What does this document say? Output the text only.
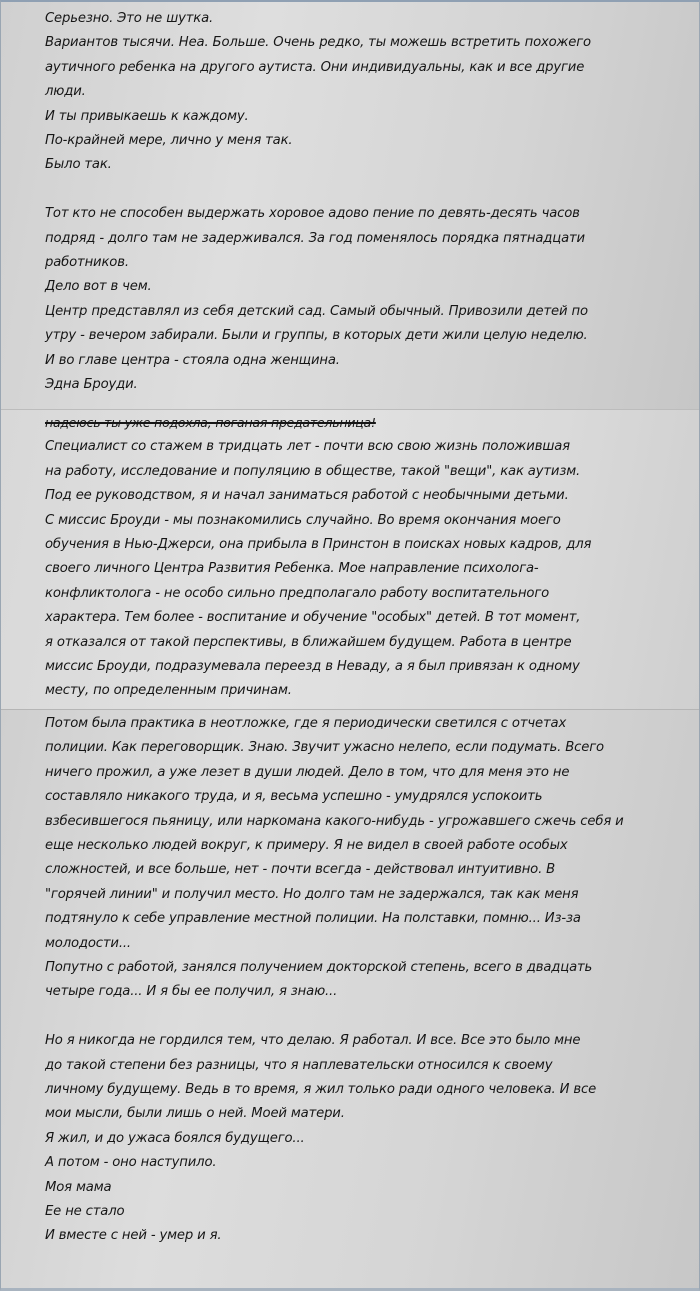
Серьезно. Это не шутка.
Вариантов тысячи. Неа. Больше. Очень редко, ты можешь встретить похожего
аутичного ребенка на другого аутиста. Они индивидуальны, как и все другие
люди.
И ты привыкаешь к каждому.
По-крайней мере, лично у меня так.
Было так.
Тот кто не способен выдержать хоровое адово пение по девять-десять часов
подряд - долго там не задерживался. За год поменялось порядка пятнадцати
работников.
Дело вот в чем.
Центр представлял из себя детский сад. Самый обычный. Привозили детей по
утру - вечером забирали. Были и группы, в которых дети жили целую неделю.
И во главе центра - стояла одна женщина.
Эдна Броуди.
надеюсь ты уже подохла, поганая предательница!
Специалист со стажем в тридцать лет - почти всю свою жизнь положившая
на работу, исследование и популяцию в обществе, такой "вещи", как аутизм.
Под ее руководством, я и начал заниматься работой с необычными детьми.
С миссис Броуди - мы познакомились случайно. Во время окончания моего
обучения в Нью-Джерси, она прибыла в Принстон в поисках новых кадров, для
своего личного Центра Развития Ребенка. Мое направление психолога-
конфликтолога - не особо сильно предполагало работу воспитательного
характера. Тем более - воспитание и обучение "особых" детей. В тот момент,
я отказался от такой перспективы, в ближайшем будущем. Работа в центре
миссис Броуди, подразумевала переезд в Неваду, а я был привязан к одному
месту, по определенным причинам.
Потом была практика в неотложке, где я периодически светился с отчетах
полиции. Как переговорщик. Знаю. Звучит ужасно нелепо, если подумать. Всего
ничего прожил, а уже лезет в души людей. Дело в том, что для меня это не
составляло никакого труда, и я, весьма успешно - умудрялся успокоить
взбесившегося пьяницу, или наркомана какого-нибудь - угрожавшего сжечь себя и
еще несколько людей вокруг, к примеру. Я не видел в своей работе особых
сложностей, и все больше, нет - почти всегда - действовал интуитивно. В
"горячей линии" и получил место. Но долго там не задержался, так как меня
подтянуло к себе управление местной полиции. На полставки, помню... Из-за
молодости...
Попутно с работой, занялся получением докторской степень, всего в двадцать
четыре года... И я бы ее получил, я знаю...
Но я никогда не гордился тем, что делаю. Я работал. И все. Все это было мне
до такой степени без разницы, что я наплевательски относился к своему
личному будущему. Ведь в то время, я жил только ради одного человека. И все
мои мысли, были лишь о ней. Моей матери.
Я жил, и до ужаса боялся будущего...
А потом - оно наступило.
Моя мама
Ее не стало
И вместе с ней - умер и я.
